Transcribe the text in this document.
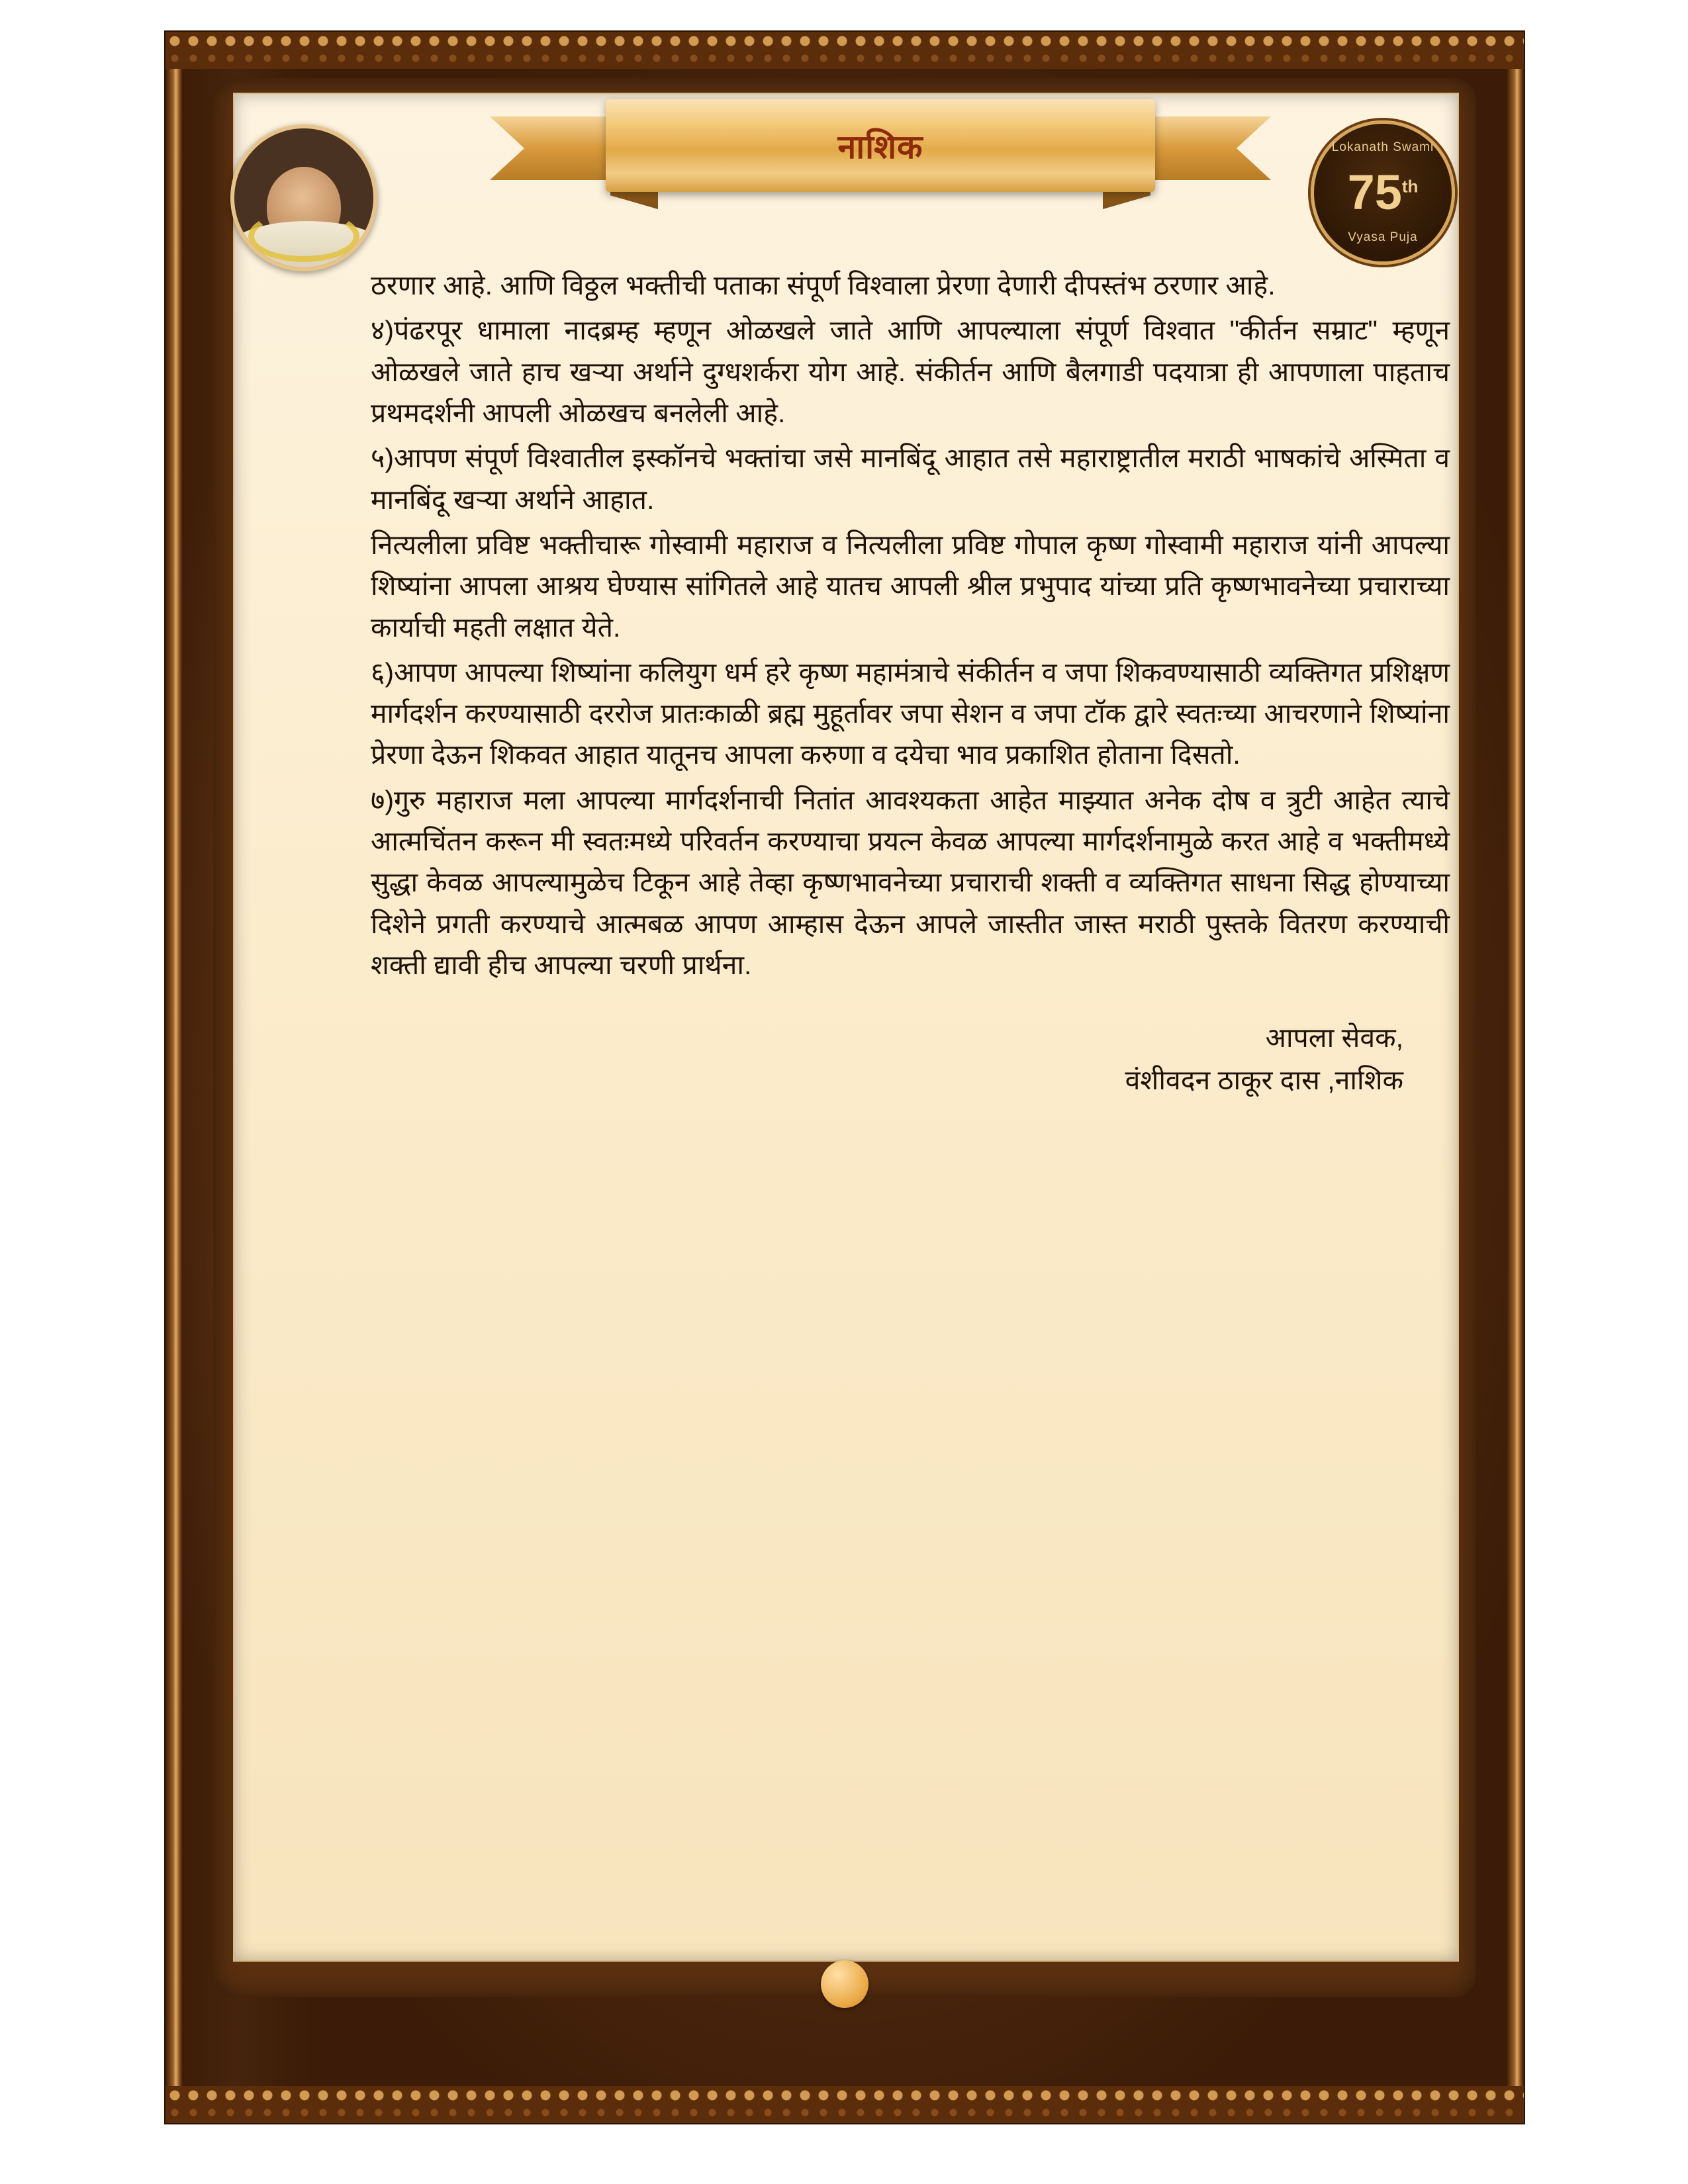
नाशिक	Lokanath Swami
75th
Vyasa Puja

ठरणार आहे. आणि विठ्ठल भक्तीची पताका संपूर्ण विश्वाला प्रेरणा देणारी दीपस्तंभ ठरणार आहे.

४)पंढरपूर धामाला नादब्रम्ह म्हणून ओळखले जाते आणि आपल्याला संपूर्ण विश्वात "कीर्तन सम्राट" म्हणून ओळखले जाते हाच खऱ्या अर्थाने दुग्धशर्करा योग आहे. संकीर्तन आणि बैलगाडी पदयात्रा ही आपणाला पाहताच प्रथमदर्शनी आपली ओळखच बनलेली आहे.

५)आपण संपूर्ण विश्वातील इस्कॉनचे भक्तांचा जसे मानबिंदू आहात तसे महाराष्ट्रातील मराठी भाषकांचे अस्मिता व मानबिंदू खऱ्या अर्थाने आहात.

नित्यलीला प्रविष्ट भक्तीचारू गोस्वामी महाराज व नित्यलीला प्रविष्ट गोपाल कृष्ण गोस्वामी महाराज यांनी आपल्या शिष्यांना आपला आश्रय घेण्यास सांगितले आहे यातच आपली श्रील प्रभुपाद यांच्या प्रति कृष्णभावनेच्या प्रचाराच्या कार्याची महती लक्षात येते.

६)आपण आपल्या शिष्यांना कलियुग धर्म हरे कृष्ण महामंत्राचे संकीर्तन व जपा शिकवण्यासाठी व्यक्तिगत प्रशिक्षण मार्गदर्शन करण्यासाठी दररोज प्रातःकाळी ब्रह्म मुहूर्तावर जपा सेशन व जपा टॉक द्वारे स्वतःच्या आचरणाने शिष्यांना प्रेरणा देऊन शिकवत आहात यातूनच आपला करुणा व दयेचा भाव प्रकाशित होताना दिसतो.

७)गुरु महाराज मला आपल्या मार्गदर्शनाची नितांत आवश्यकता आहेत माझ्यात अनेक दोष व त्रुटी आहेत त्याचे आत्मचिंतन करून मी स्वतःमध्ये परिवर्तन करण्याचा प्रयत्न केवळ आपल्या मार्गदर्शनामुळे करत आहे व भक्तीमध्ये सुद्धा केवळ आपल्यामुळेच टिकून आहे तेव्हा कृष्णभावनेच्या प्रचाराची शक्ती व व्यक्तिगत साधना सिद्ध होण्याच्या दिशेने प्रगती करण्याचे आत्मबळ आपण आम्हास देऊन आपले जास्तीत जास्त मराठी पुस्तके वितरण करण्याची शक्ती द्यावी हीच आपल्या चरणी प्रार्थना.

आपला सेवक,
वंशीवदन ठाकूर दास ,नाशिक
